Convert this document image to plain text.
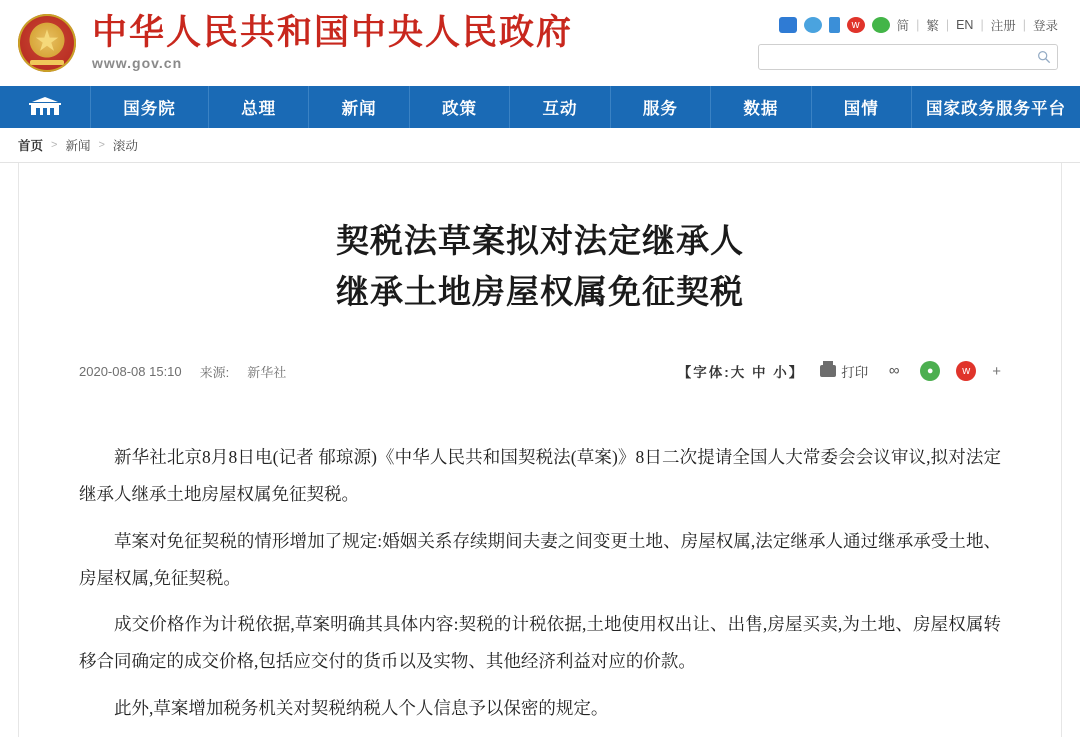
★
中华人民共和国中央人民政府
www.gov.cn
w	简 | 繁 | EN | 注册 | 登录
国务院	总理	新闻	政策	互动	服务	数据	国情	国家政务服务平台
首页 > 新闻 > 滚动
契税法草案拟对法定继承人
继承土地房屋权属免征契税
2020-08-08 15:10 来源: 新华社	【字体:大 中 小】	打印	∞	●	w	+

新华社北京8月8日电(记者 郁琼源)《中华人民共和国契税法(草案)》8日二次提请全国人大常委会会议审议,拟对法定继承人继承土地房屋权属免征契税。

草案对免征契税的情形增加了规定:婚姻关系存续期间夫妻之间变更土地、房屋权属,法定继承人通过继承承受土地、房屋权属,免征契税。

成交价格作为计税依据,草案明确其具体内容:契税的计税依据,土地使用权出让、出售,房屋买卖,为土地、房屋权属转移合同确定的成交价格,包括应交付的货币以及实物、其他经济利益对应的价款。

此外,草案增加税务机关对契税纳税人个人信息予以保密的规定。
